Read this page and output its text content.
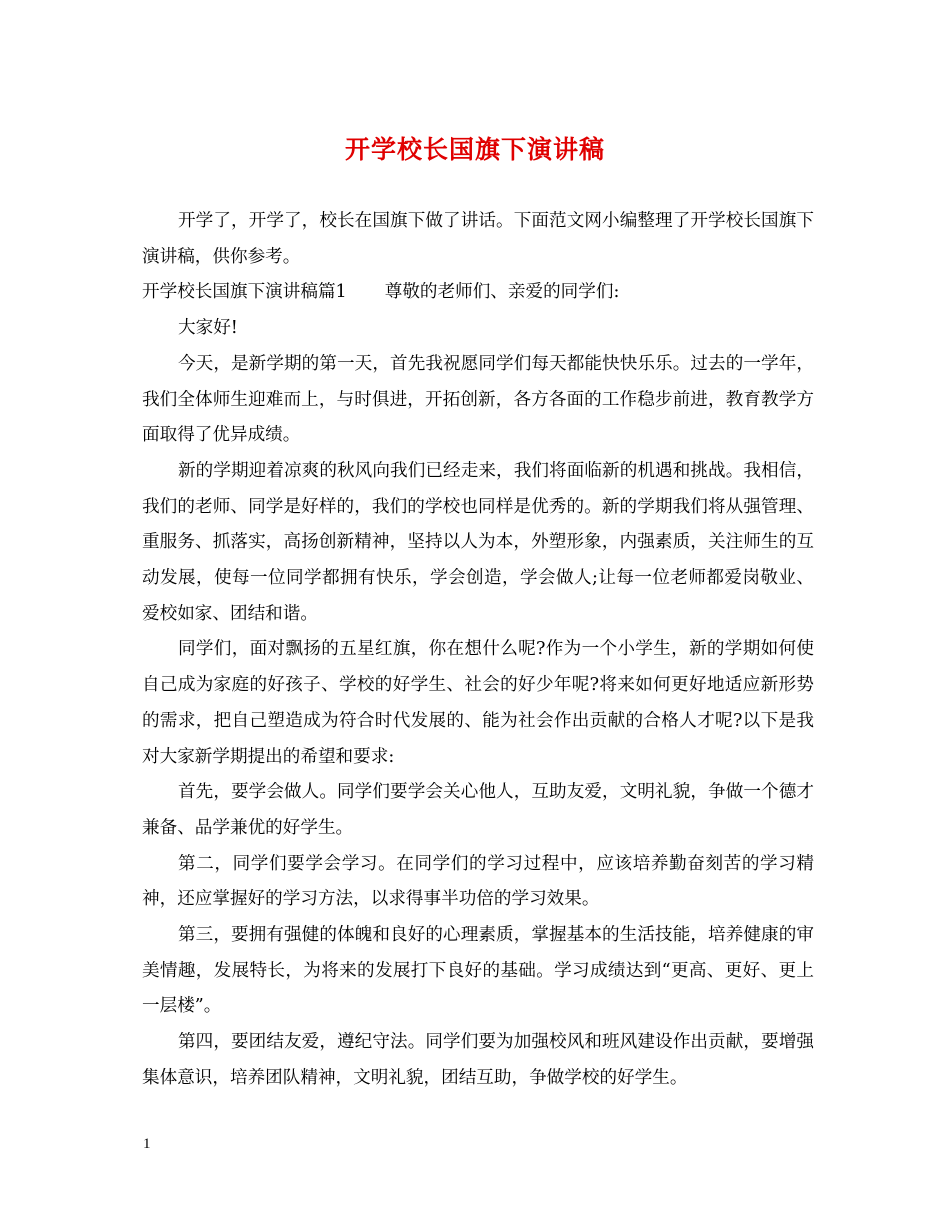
开学校长国旗下演讲稿

开学了，开学了，校长在国旗下做了讲话。下面范文网小编整理了开学校长国旗下演讲稿，供你参考。

开学校长国旗下演讲稿篇1 尊敬的老师们、亲爱的同学们:

大家好!

今天，是新学期的第一天，首先我祝愿同学们每天都能快快乐乐。过去的一学年，我们全体师生迎难而上，与时俱进，开拓创新，各方各面的工作稳步前进，教育教学方面取得了优异成绩。

新的学期迎着凉爽的秋风向我们已经走来，我们将面临新的机遇和挑战。我相信，我们的老师、同学是好样的，我们的学校也同样是优秀的。新的学期我们将从强管理、重服务、抓落实，高扬创新精神，坚持以人为本，外塑形象，内强素质，关注师生的互动发展，使每一位同学都拥有快乐，学会创造，学会做人;让每一位老师都爱岗敬业、爱校如家、团结和谐。

同学们，面对飘扬的五星红旗，你在想什么呢?作为一个小学生，新的学期如何使自己成为家庭的好孩子、学校的好学生、社会的好少年呢?将来如何更好地适应新形势的需求，把自己塑造成为符合时代发展的、能为社会作出贡献的合格人才呢?以下是我对大家新学期提出的希望和要求:

首先，要学会做人。同学们要学会关心他人，互助友爱，文明礼貌，争做一个德才兼备、品学兼优的好学生。

第二，同学们要学会学习。在同学们的学习过程中，应该培养勤奋刻苦的学习精神，还应掌握好的学习方法，以求得事半功倍的学习效果。

第三，要拥有强健的体魄和良好的心理素质，掌握基本的生活技能，培养健康的审美情趣，发展特长，为将来的发展打下良好的基础。学习成绩达到“更高、更好、更上一层楼”。

第四，要团结友爱，遵纪守法。同学们要为加强校风和班风建设作出贡献，要增强集体意识，培养团队精神，文明礼貌，团结互助，争做学校的好学生。

1
